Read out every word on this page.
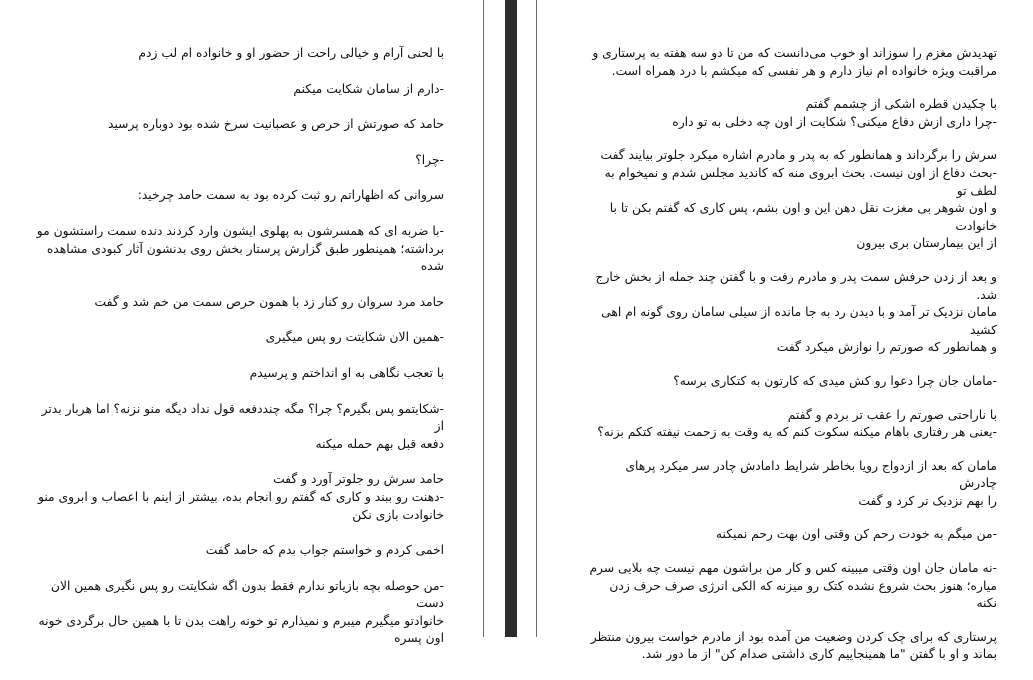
با لحنی آرام و خیالی راحت از حضور او و خانواده ام لب زدم

-دارم از سامان شکایت میکنم

حامد که صورتش از حرص و عصبانیت سرخ شده بود دوباره پرسید

-چرا؟

سروانی که اظهاراتم رو ثبت کرده بود به سمت حامد چرخید:

-با ضربه ای که همسرشون به پهلوی ایشون وارد کردند دنده سمت راستشون مو
برداشته؛ همینطور طبق گزارش پرستار بخش روی بدنشون آثار کبودی مشاهده شده

حامد مرد سروان رو کنار زد با همون حرص سمت من خم شد و گفت

-همین الان شکایتت رو پس میگیری

با تعجب نگاهی به او انداختم و پرسیدم

-شکایتمو پس بگیرم؟ چرا؟ مگه چنددفعه قول نداد دیگه منو نزنه؟ اما هربار بدتر از
دفعه قبل بهم حمله میکنه

حامد سرش رو جلوتر آورد و گفت
-دهنت رو ببند و کاری که گفتم رو انجام بده، بیشتر از اینم با اعصاب و ابروی منو
خانوادت بازی نکن

اخمی کردم و خواستم جواب بدم که حامد گفت

-من حوصله بچه بازیاتو ندارم فقط بدون اگه شکایتت رو پس نگیری همین الان دست
خانوادتو میگیرم میبرم و نمیذارم تو خونه راهت بدن تا با همین حال برگردی خونه
اون پسره

تهدیدش مغزم را سوزاند او خوب می‌دانست که من تا دو سه هفته به پرستاری و
مراقبت ویژه خانواده ام نیاز دارم و هر نفسی که میکشم با درد همراه است.

با چکیدن قطره اشکی از چشمم گفتم
-چرا داری ازش دفاع میکنی؟ شکایت از اون چه دخلی به تو داره

سرش را برگرداند و همانطور که به پدر و مادرم اشاره میکرد جلوتر بیایند گفت
-بحث دفاع از اون نیست. بحث ابروی منه که کاندید مجلس شدم و نمیخوام به لطف تو
و اون شوهر بی مغزت نقل دهن این و اون بشم، پس کاری که گفتم بکن تا با خانوادت
از این بیمارستان بری بیرون

و بعد از زدن حرفش سمت پدر و مادرم رفت و با گفتن چند جمله از بخش خارج شد.
مامان نزدیک تر آمد و با دیدن رد به جا مانده از سیلی سامان روی گونه ام اهی کشید
و همانطور که صورتم را نوازش میکرد گفت

-مامان جان چرا دعوا رو کش میدی که کارتون به کتکاری برسه؟

با ناراحتی صورتم را عقب تر بردم و گفتم
-یعنی هر رفتاری باهام میکنه سکوت کنم که یه وقت به زحمت نیفته کتکم بزنه؟

مامان که بعد از ازدواج رویا بخاطر شرایط دامادش چادر سر میکرد پرهای چادرش
را بهم نزدیک تر کرد و گفت

-من میگم به خودت رحم کن وقتی اون بهت رحم نمیکنه

-نه مامان جان اون وقتی میبینه کس و کار من براشون مهم نیست چه بلایی سرم
میاره؛ هنوز بحث شروع نشده کتک رو میزنه که الکی انرژی صرف حرف زدن
نکنه

پرستاری که برای چک کردن وضعیت من آمده بود از مادرم خواست بیرون منتظر
بماند و او با گفتن "ما همینجاییم کاری داشتی صدام کن" از ما دور شد.
